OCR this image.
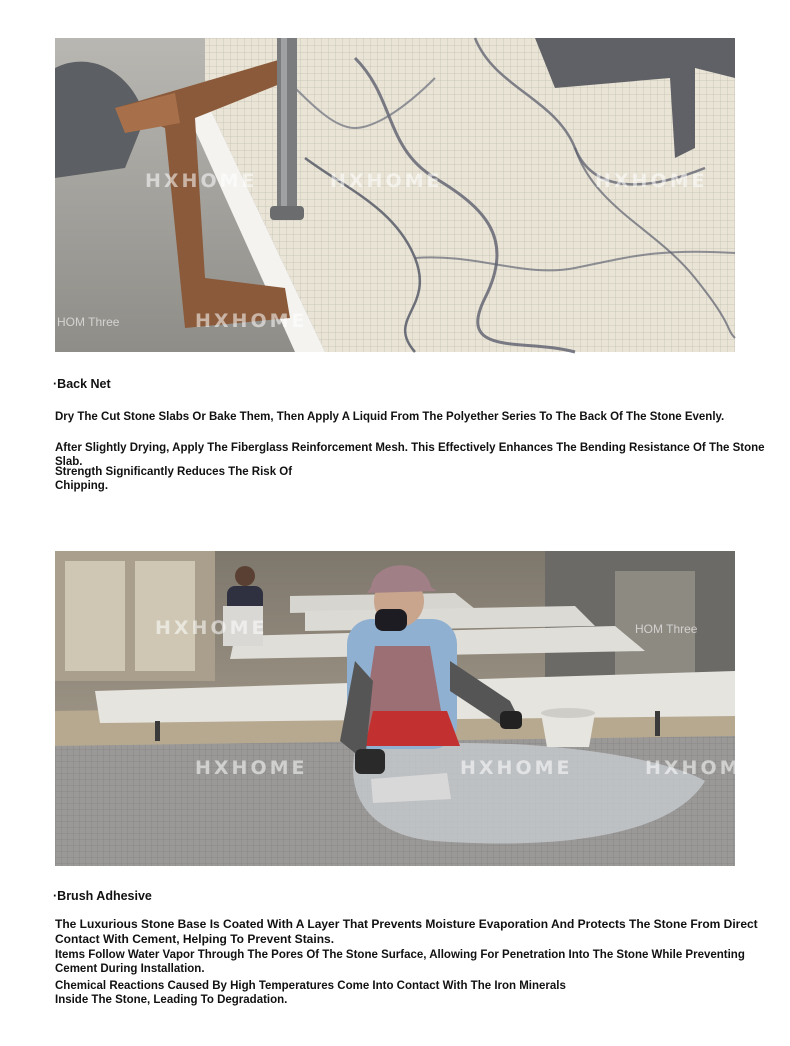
HXHOME	HXHOME	HXHOME
HXHOME
HOM Three

·Back Net

Dry The Cut Stone Slabs Or Bake Them, Then Apply A Liquid From The Polyether Series To The Back Of The Stone Evenly.

After Slightly Drying, Apply The Fiberglass Reinforcement Mesh. This Effectively Enhances The Bending Resistance Of The Stone Slab.

Strength Significantly Reduces The Risk Of Chipping.

HXHOME
HXHOME	HXHOME	HXHOME
HOM Three

·Brush Adhesive

The Luxurious Stone Base Is Coated With A Layer That Prevents Moisture Evaporation And Protects The Stone From Direct Contact With Cement, Helping To Prevent Stains.

Items Follow Water Vapor Through The Pores Of The Stone Surface, Allowing For Penetration Into The Stone While Preventing Cement During Installation.

Chemical Reactions Caused By High Temperatures Come Into Contact With The Iron Minerals Inside The Stone, Leading To Degradation.
